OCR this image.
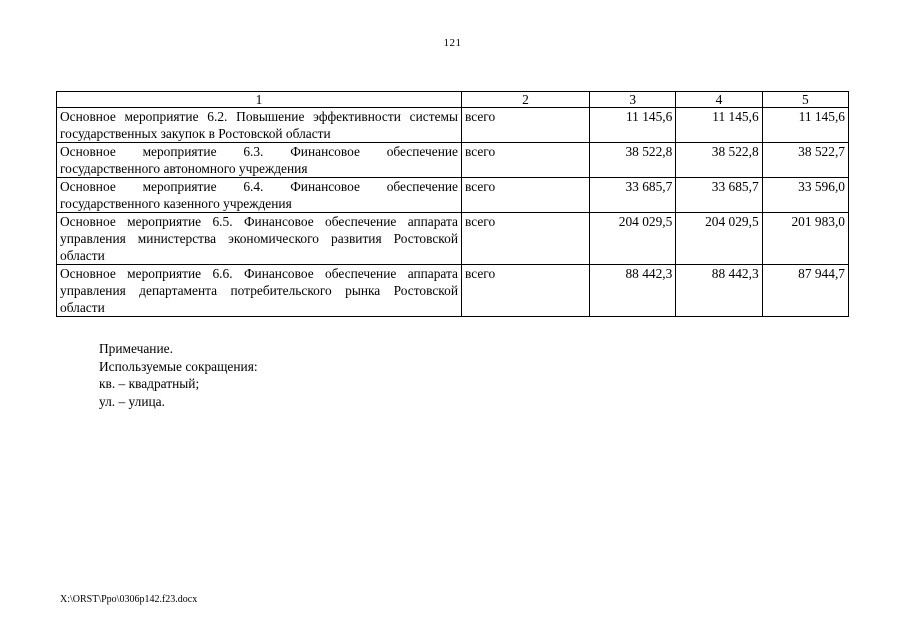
121
1	2	3	4	5
Основное мероприятие 6.2. Повышение эффективности системы государственных закупок в Ростовской области	всего	11 145,6	11 145,6	11 145,6
Основное мероприятие 6.3. Финансовое обеспечение государственного автономного учреждения	всего	38 522,8	38 522,8	38 522,7
Основное мероприятие 6.4. Финансовое обеспечение государственного казенного учреждения	всего	33 685,7	33 685,7	33 596,0
Основное мероприятие 6.5. Финансовое обеспечение аппарата управления министерства экономического развития Ростовской области	всего	204 029,5	204 029,5	201 983,0
Основное мероприятие 6.6. Финансовое обеспечение аппарата управления департамента потребительского рынка Ростовской области	всего	88 442,3	88 442,3	87 944,7
Примечание.
Используемые сокращения:
кв. – квадратный;
ул. – улица.
X:\ORST\Ppo\0306p142.f23.docx
